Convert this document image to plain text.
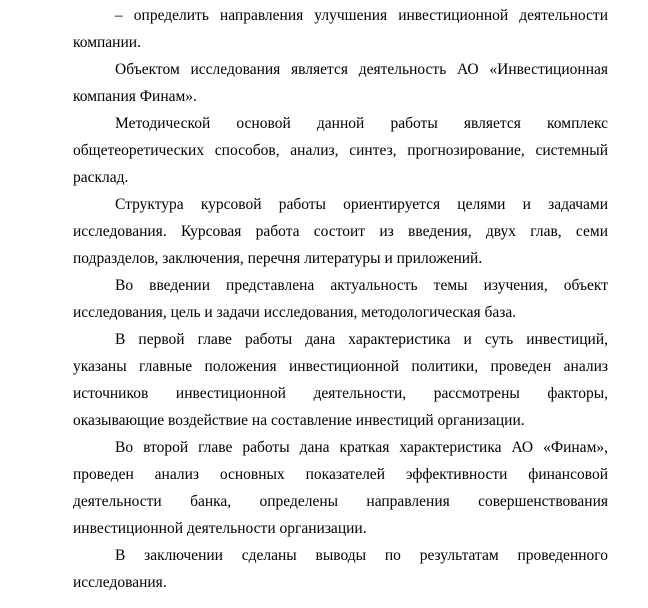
– определить направления улучшения инвестиционной деятельности
компании.
Объектом исследования является деятельность АО «Инвестиционная
компания Финам».
Методической основой данной работы является комплекс
общетеоретических способов, анализ, синтез, прогнозирование, системный
расклад.
Структура курсовой работы ориентируется целями и задачами
исследования. Курсовая работа состоит из введения, двух глав, семи
подразделов, заключения, перечня литературы и приложений.
Во введении представлена актуальность темы изучения, объект
исследования, цель и задачи исследования, методологическая база.
В первой главе работы дана характеристика и суть инвестиций,
указаны главные положения инвестиционной политики, проведен анализ
источников инвестиционной деятельности, рассмотрены факторы,
оказывающие воздействие на составление инвестиций организации.
Во второй главе работы дана краткая характеристика АО «Финам»,
проведен анализ основных показателей эффективности финансовой
деятельности банка, определены направления совершенствования
инвестиционной деятельности организации.
В заключении сделаны выводы по результатам проведенного
исследования.
